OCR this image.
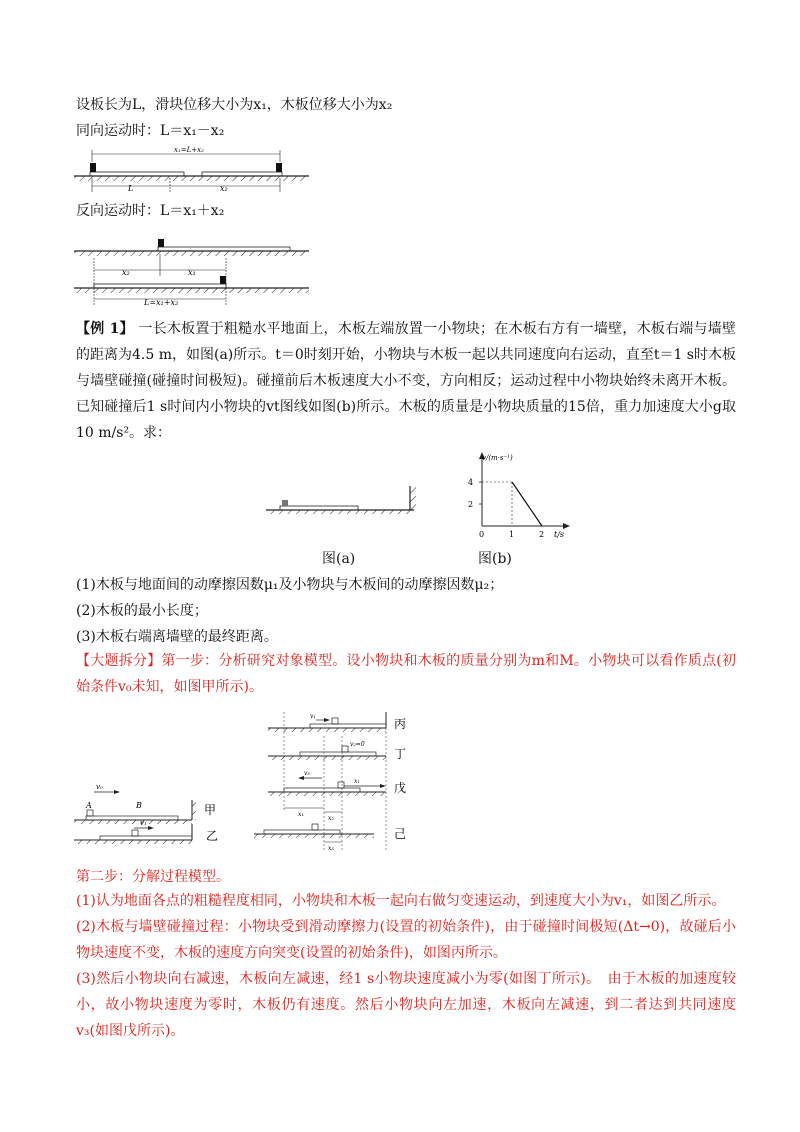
设板长为L，滑块位移大小为x₁，木板位移大小为x₂
同向运动时：L＝x₁－x₂
x₁=L+x₂
L	x₂
反向运动时：L＝x₁＋x₂
x₂	x₁
L=x₁+x₂
【例 1】 一长木板置于粗糙水平地面上，木板左端放置一小物块；在木板右方有一墙壁，木板右端与墙壁的距离为4.5 m，如图(a)所示。t＝0时刻开始，小物块与木板一起以共同速度向右运动，直至t＝1 s时木板与墙壁碰撞(碰撞时间极短)。碰撞前后木板速度大小不变，方向相反；运动过程中小物块始终未离开木板。已知碰撞后1 s时间内小物块的vt图线如图(b)所示。木板的质量是小物块质量的15倍，重力加速度大小g取10 m/s²。求：
图(a)
v/(m·s⁻¹)
t/s
0	1	2
2
4
图(b)
(1)木板与地面间的动摩擦因数μ₁及小物块与木板间的动摩擦因数μ₂；
(2)木板的最小长度；
(3)木板右端离墙壁的最终距离。
【大题拆分】第一步：分析研究对象模型。设小物块和木板的质量分别为m和M。小物块可以看作质点(初始条件v₀未知，如图甲所示)。
v₀
A	B	甲
v₁
乙
v₁
丙
v₂=0
丁
v₃
x₁	戊
己
x₁
x₂
x₃
第二步：分解过程模型。
(1)认为地面各点的粗糙程度相同，小物块和木板一起向右做匀变速运动，到速度大小为v₁，如图乙所示。
(2)木板与墙壁碰撞过程：小物块受到滑动摩擦力(设置的初始条件)，由于碰撞时间极短(Δt→0)，故碰后小物块速度不变，木板的速度方向突变(设置的初始条件)，如图丙所示。
(3)然后小物块向右减速，木板向左减速，经1 s小物块速度减小为零(如图丁所示)。　由于木板的加速度较小，故小物块速度为零时，木板仍有速度。然后小物块向左加速，木板向左减速，到二者达到共同速度v₃(如图戊所示)。
